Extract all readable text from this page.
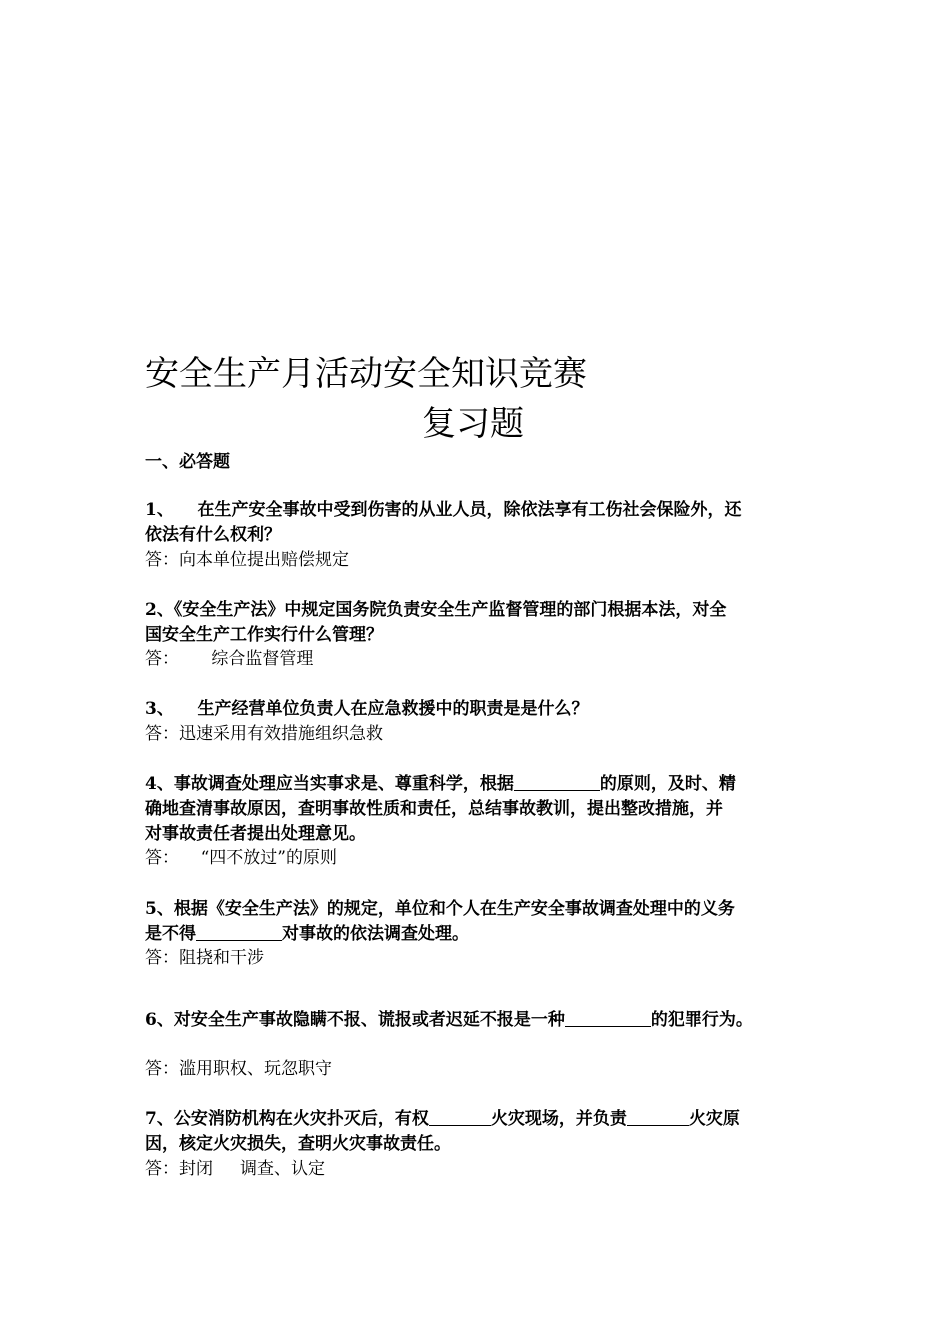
安全生产月活动安全知识竞赛
复习题
一、必答题
1、 在生产安全事故中受到伤害的从业人员，除依法享有工伤社会保险外，还
依法有什么权利？
答：向本单位提出赔偿规定
2、《安全生产法》中规定国务院负责安全生产监督管理的部门根据本法，对全
国安全生产工作实行什么管理？
答：      综合监督管理
3、 生产经营单位负责人在应急救援中的职责是是什么？
答：迅速采用有效措施组织急救
4、事故调查处理应当实事求是、尊重科学，根据	的原则，及时、精
确地查清事故原因，查明事故性质和责任，总结事故教训，提出整改措施，并
对事故责任者提出处理意见。
答：    “四不放过”的原则
5、根据《安全生产法》的规定，单位和个人在生产安全事故调查处理中的义务
是不得	对事故的依法调查处理。
答：阻挠和干涉
6、对安全生产事故隐瞒不报、谎报或者迟延不报是一种	的犯罪行为。
答：滥用职权、玩忽职守
7、公安消防机构在火灾扑灭后，有权	火灾现场，并负责	火灾原
因，核定火灾损失，查明火灾事故责任。
答：封闭     调查、认定
